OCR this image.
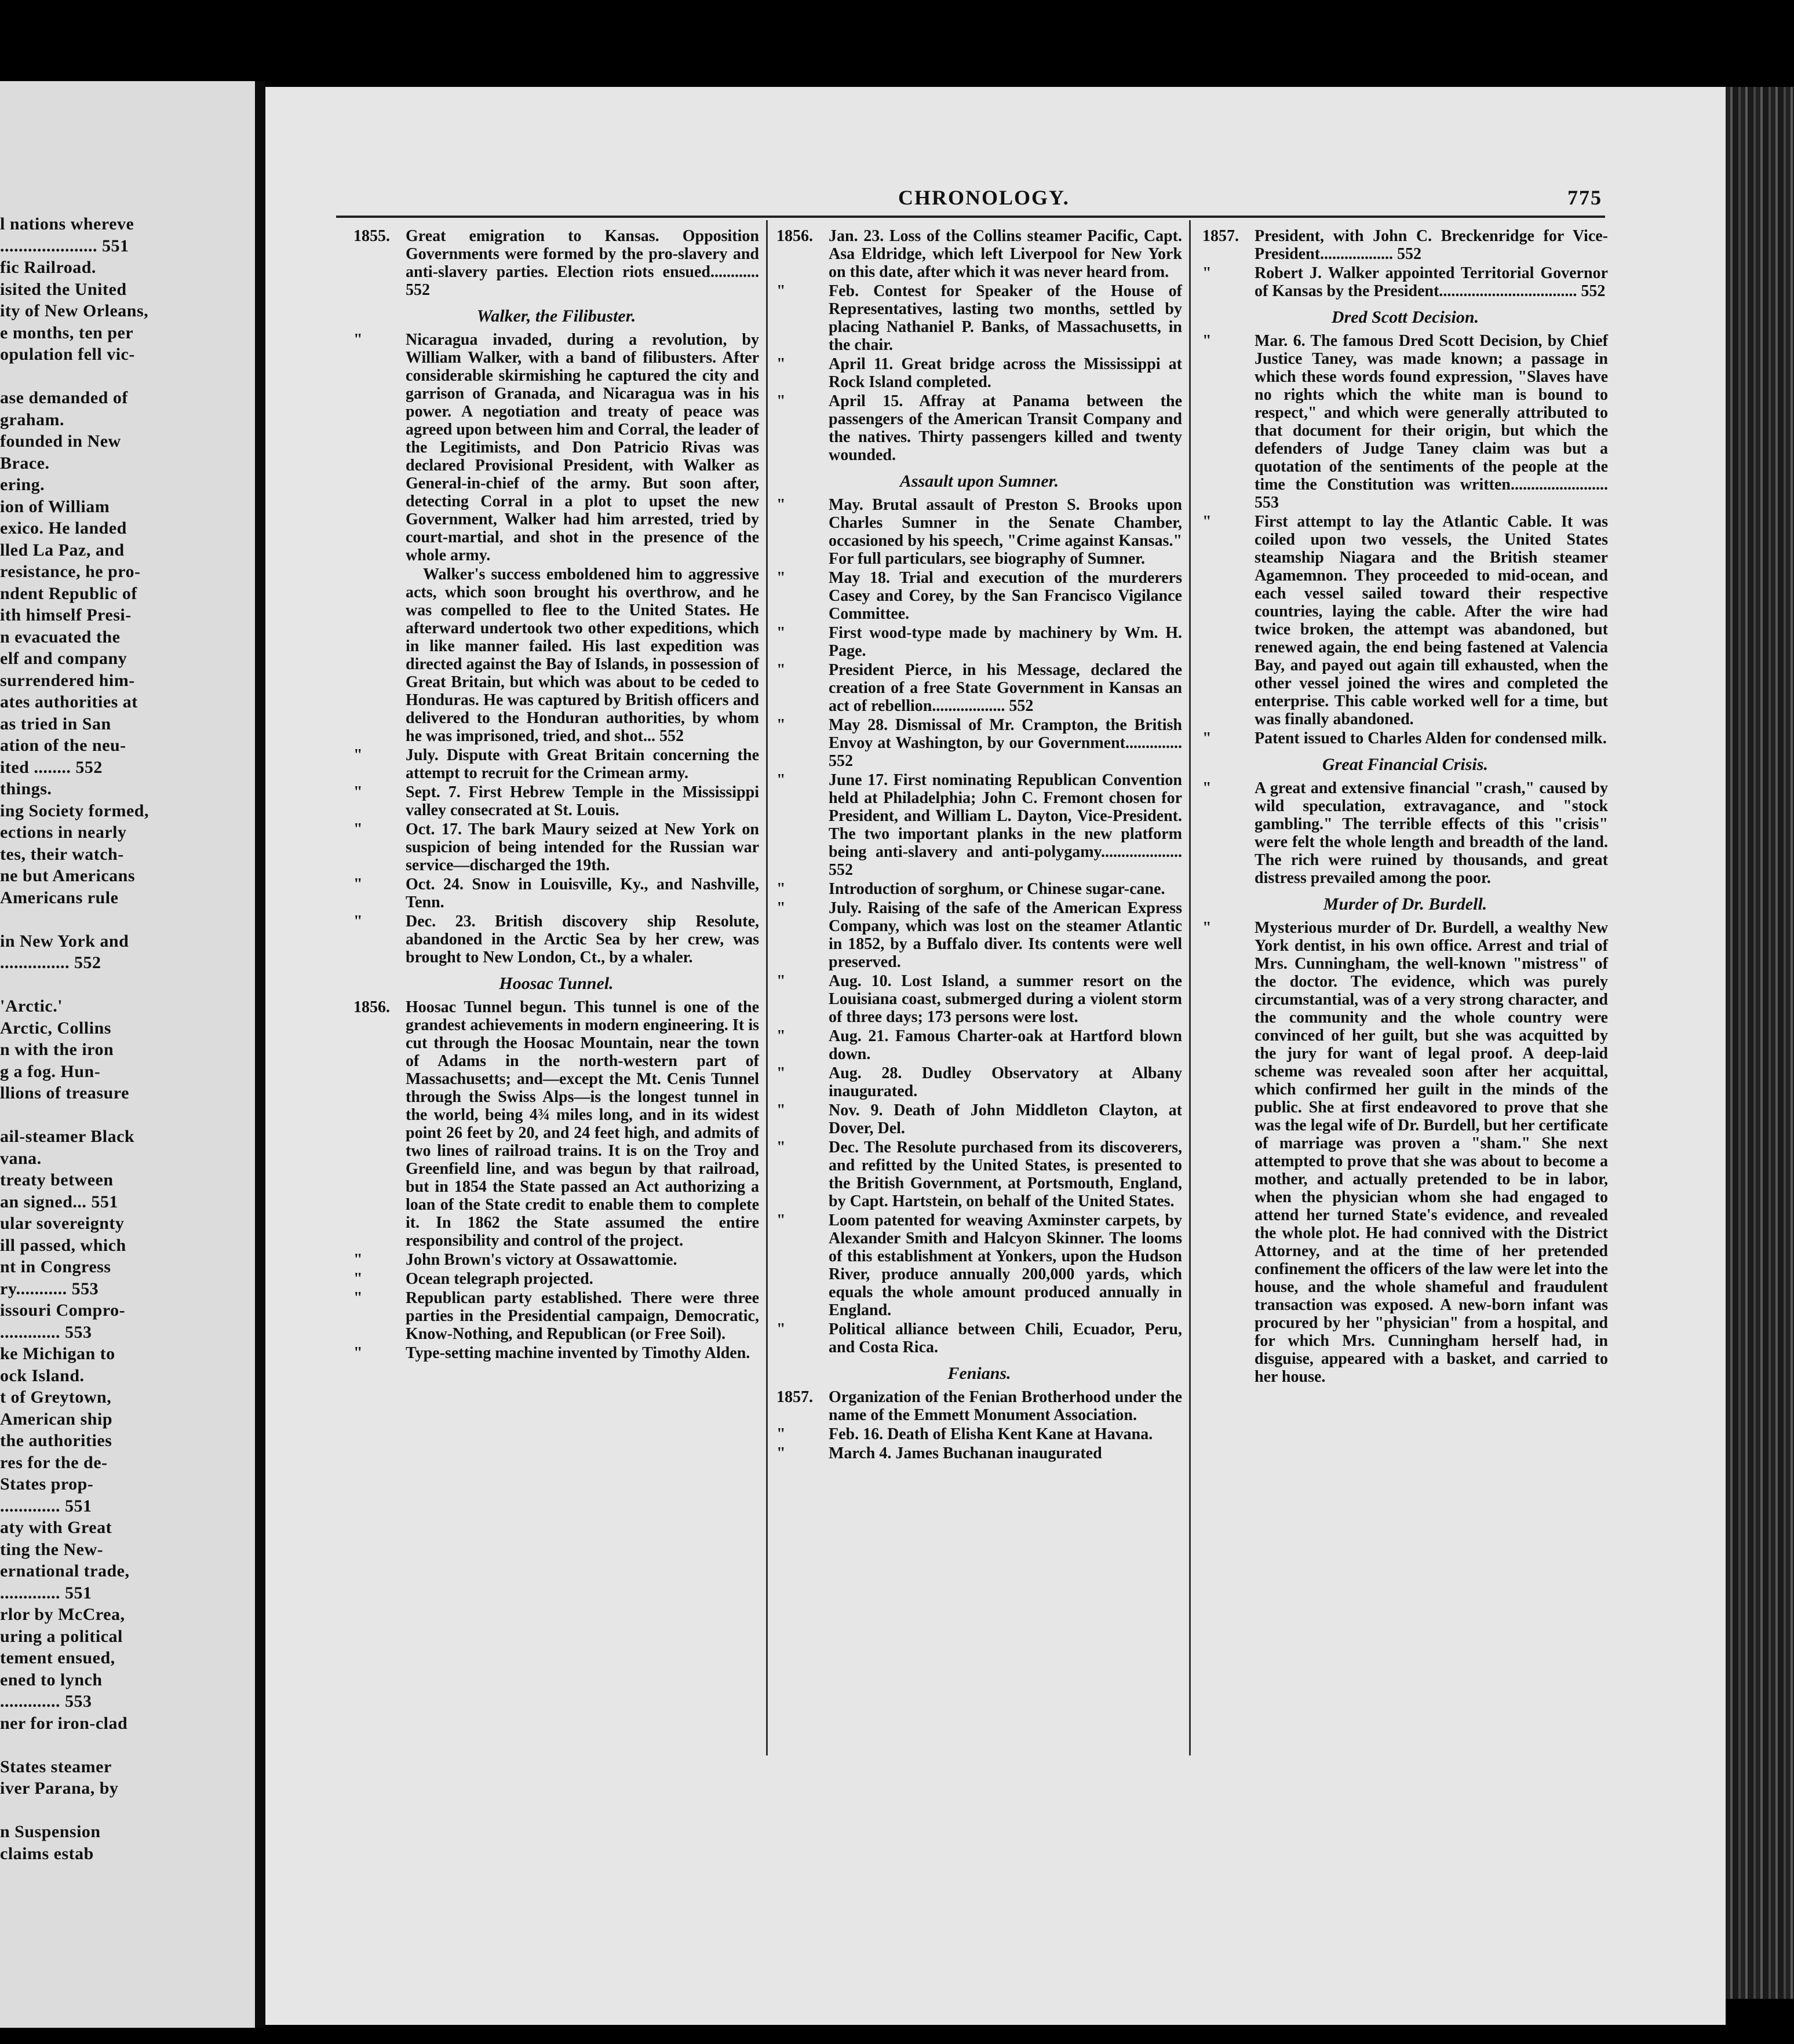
l nations whereve
..................... 551
fic Railroad.
isited the United
ity of New Orleans,
e months, ten per
opulation fell vic-
ase demanded of
graham.
founded in New
Brace.
ering.
ion of William
exico. He landed
lled La Paz, and
resistance, he pro-
ndent Republic of
ith himself Presi-
n evacuated the
elf and company
surrendered him-
ates authorities at
as tried in San
ation of the neu-
ited ........ 552
things.
ing Society formed,
ections in nearly
tes, their watch-
ne but Americans
Americans rule
in New York and
............... 552
'Arctic.'
Arctic, Collins
n with the iron
g a fog. Hun-
llions of treasure
ail-steamer Black
vana.
treaty between
an signed... 551
ular sovereignty
ill passed, which
nt in Congress
ry........... 553
issouri Compro-
............. 553
ke Michigan to
ock Island.
t of Greytown,
American ship
the authorities
res for the de-
States prop-
............. 551
aty with Great
ting the New-
ernational trade,
............. 551
rlor by McCrea,
uring a political
tement ensued,
ened to lynch
............. 553
ner for iron-clad
States steamer
iver Parana, by
n Suspension
claims estab
CHRONOLOGY.	775
1855. Great emigration to Kansas. Opposition Governments were formed by the pro-slavery and anti-slavery parties. Election riots ensued............ 552
Walker, the Filibuster.
"	Nicaragua invaded, during a revolution, by William Walker, with a band of filibusters. After considerable skirmishing he captured the city and garrison of Granada, and Nicaragua was in his power. A negotiation and treaty of peace was agreed upon between him and Corral, the leader of the Legitimists, and Don Patricio Rivas was declared Provisional President, with Walker as General-in-chief of the army. But soon after, detecting Corral in a plot to upset the new Government, Walker had him arrested, tried by court-martial, and shot in the presence of the whole army.
Walker's success emboldened him to aggressive acts, which soon brought his overthrow, and he was compelled to flee to the United States. He afterward undertook two other expeditions, which in like manner failed. His last expedition was directed against the Bay of Islands, in possession of Great Britain, but which was about to be ceded to Honduras. He was captured by British officers and delivered to the Honduran authorities, by whom he was imprisoned, tried, and shot... 552
"	July. Dispute with Great Britain concerning the attempt to recruit for the Crimean army.
"	Sept. 7. First Hebrew Temple in the Mississippi valley consecrated at St. Louis.
"	Oct. 17. The bark Maury seized at New York on suspicion of being intended for the Russian war service—discharged the 19th.
"	Oct. 24. Snow in Louisville, Ky., and Nashville, Tenn.
"	Dec. 23. British discovery ship Resolute, abandoned in the Arctic Sea by her crew, was brought to New London, Ct., by a whaler.
Hoosac Tunnel.
1856. Hoosac Tunnel begun. This tunnel is one of the grandest achievements in modern engineering. It is cut through the Hoosac Mountain, near the town of Adams in the north-western part of Massachusetts; and—except the Mt. Cenis Tunnel through the Swiss Alps—is the longest tunnel in the world, being 4¾ miles long, and in its widest point 26 feet by 20, and 24 feet high, and admits of two lines of railroad trains. It is on the Troy and Greenfield line, and was begun by that railroad, but in 1854 the State passed an Act authorizing a loan of the State credit to enable them to complete it. In 1862 the State assumed the entire responsibility and control of the project.
"	John Brown's victory at Ossawattomie.
"	Ocean telegraph projected.
"	Republican party established. There were three parties in the Presidential campaign, Democratic, Know-Nothing, and Republican (or Free Soil).
"	Type-setting machine invented by Timothy Alden.
1856. Jan. 23. Loss of the Collins steamer Pacific, Capt. Asa Eldridge, which left Liverpool for New York on this date, after which it was never heard from.
"	Feb. Contest for Speaker of the House of Representatives, lasting two months, settled by placing Nathaniel P. Banks, of Massachusetts, in the chair.
"	April 11. Great bridge across the Mississippi at Rock Island completed.
"	April 15. Affray at Panama between the passengers of the American Transit Company and the natives. Thirty passengers killed and twenty wounded.
Assault upon Sumner.
"	May. Brutal assault of Preston S. Brooks upon Charles Sumner in the Senate Chamber, occasioned by his speech, "Crime against Kansas." For full particulars, see biography of Sumner.
"	May 18. Trial and execution of the murderers Casey and Corey, by the San Francisco Vigilance Committee.
"	First wood-type made by machinery by Wm. H. Page.
"	President Pierce, in his Message, declared the creation of a free State Government in Kansas an act of rebellion.................. 552
"	May 28. Dismissal of Mr. Crampton, the British Envoy at Washington, by our Government.............. 552
"	June 17. First nominating Republican Convention held at Philadelphia; John C. Fremont chosen for President, and William L. Dayton, Vice-President. The two important planks in the new platform being anti-slavery and anti-polygamy.................... 552
"	Introduction of sorghum, or Chinese sugar-cane.
"	July. Raising of the safe of the American Express Company, which was lost on the steamer Atlantic in 1852, by a Buffalo diver. Its contents were well preserved.
"	Aug. 10. Lost Island, a summer resort on the Louisiana coast, submerged during a violent storm of three days; 173 persons were lost.
"	Aug. 21. Famous Charter-oak at Hartford blown down.
"	Aug. 28. Dudley Observatory at Albany inaugurated.
"	Nov. 9. Death of John Middleton Clayton, at Dover, Del.
"	Dec. The Resolute purchased from its discoverers, and refitted by the United States, is presented to the British Government, at Portsmouth, England, by Capt. Hartstein, on behalf of the United States.
"	Loom patented for weaving Axminster carpets, by Alexander Smith and Halcyon Skinner. The looms of this establishment at Yonkers, upon the Hudson River, produce annually 200,000 yards, which equals the whole amount produced annually in England.
"	Political alliance between Chili, Ecuador, Peru, and Costa Rica.
Fenians.
1857. Organization of the Fenian Brotherhood under the name of the Emmett Monument Association.
"	Feb. 16. Death of Elisha Kent Kane at Havana.
"	March 4. James Buchanan inaugurated
1857. President, with John C. Breckenridge for Vice-President.................. 552
"	Robert J. Walker appointed Territorial Governor of Kansas by the President.................................. 552
Dred Scott Decision.
"	Mar. 6. The famous Dred Scott Decision, by Chief Justice Taney, was made known; a passage in which these words found expression, "Slaves have no rights which the white man is bound to respect," and which were generally attributed to that document for their origin, but which the defenders of Judge Taney claim was but a quotation of the sentiments of the people at the time the Constitution was written........................ 553
"	First attempt to lay the Atlantic Cable. It was coiled upon two vessels, the United States steamship Niagara and the British steamer Agamemnon. They proceeded to mid-ocean, and each vessel sailed toward their respective countries, laying the cable. After the wire had twice broken, the attempt was abandoned, but renewed again, the end being fastened at Valencia Bay, and payed out again till exhausted, when the other vessel joined the wires and completed the enterprise. This cable worked well for a time, but was finally abandoned.
"	Patent issued to Charles Alden for condensed milk.
Great Financial Crisis.
"	A great and extensive financial "crash," caused by wild speculation, extravagance, and "stock gambling." The terrible effects of this "crisis" were felt the whole length and breadth of the land. The rich were ruined by thousands, and great distress prevailed among the poor.
Murder of Dr. Burdell.
"	Mysterious murder of Dr. Burdell, a wealthy New York dentist, in his own office. Arrest and trial of Mrs. Cunningham, the well-known "mistress" of the doctor. The evidence, which was purely circumstantial, was of a very strong character, and the community and the whole country were convinced of her guilt, but she was acquitted by the jury for want of legal proof. A deep-laid scheme was revealed soon after her acquittal, which confirmed her guilt in the minds of the public. She at first endeavored to prove that she was the legal wife of Dr. Burdell, but her certificate of marriage was proven a "sham." She next attempted to prove that she was about to become a mother, and actually pretended to be in labor, when the physician whom she had engaged to attend her turned State's evidence, and revealed the whole plot. He had connived with the District Attorney, and at the time of her pretended confinement the officers of the law were let into the house, and the whole shameful and fraudulent transaction was exposed. A new-born infant was procured by her "physician" from a hospital, and for which Mrs. Cunningham herself had, in disguise, appeared with a basket, and carried to her house.
